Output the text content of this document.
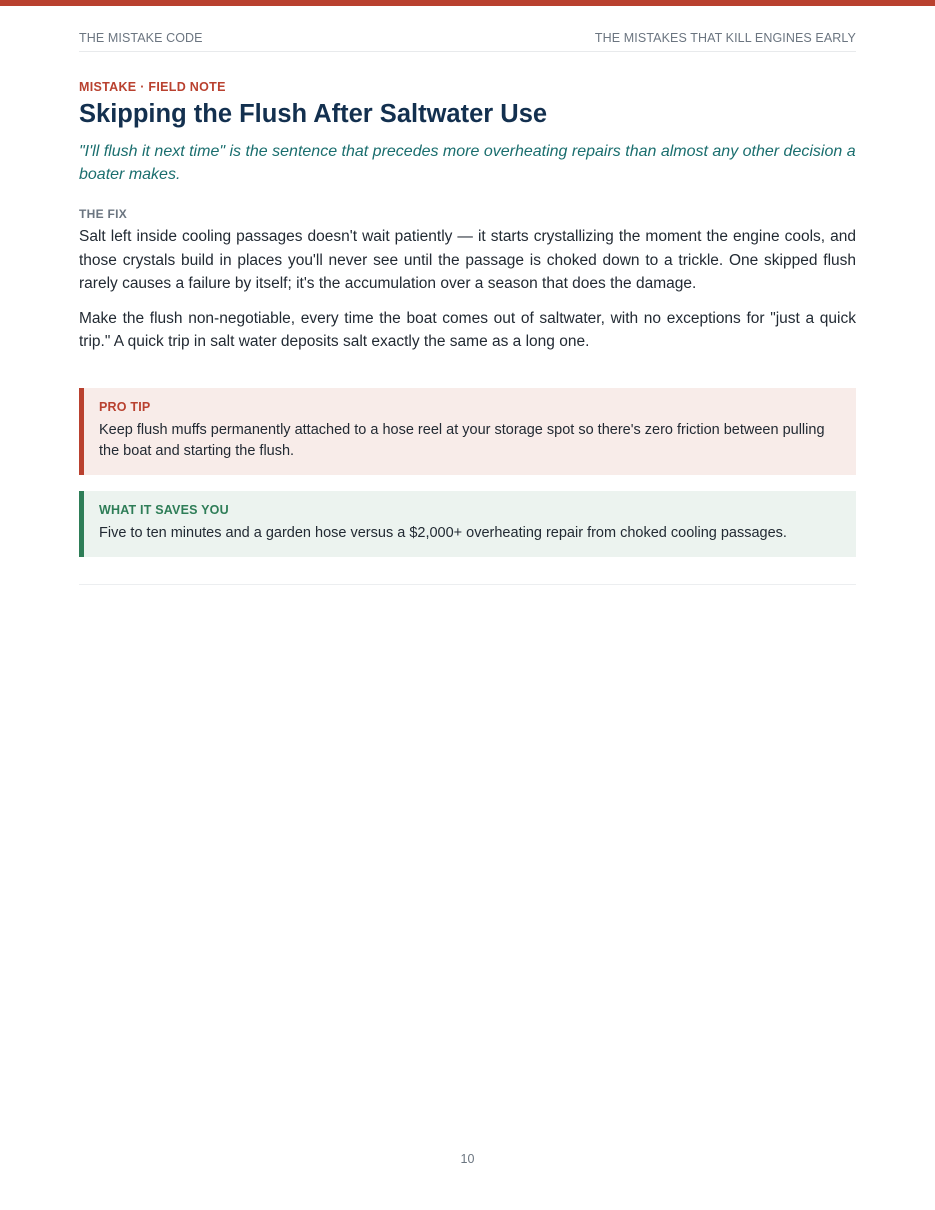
THE MISTAKE CODE	THE MISTAKES THAT KILL ENGINES EARLY

MISTAKE · FIELD NOTE

Skipping the Flush After Saltwater Use

"I'll flush it next time" is the sentence that precedes more overheating repairs than almost any other decision a boater makes.

THE FIX

Salt left inside cooling passages doesn't wait patiently — it starts crystallizing the moment the engine cools, and those crystals build in places you'll never see until the passage is choked down to a trickle. One skipped flush rarely causes a failure by itself; it's the accumulation over a season that does the damage.

Make the flush non-negotiable, every time the boat comes out of saltwater, with no exceptions for "just a quick trip." A quick trip in salt water deposits salt exactly the same as a long one.

PRO TIP
Keep flush muffs permanently attached to a hose reel at your storage spot so there's zero friction between pulling the boat and starting the flush.
WHAT IT SAVES YOU
Five to ten minutes and a garden hose versus a $2,000+ overheating repair from choked cooling passages.
10
